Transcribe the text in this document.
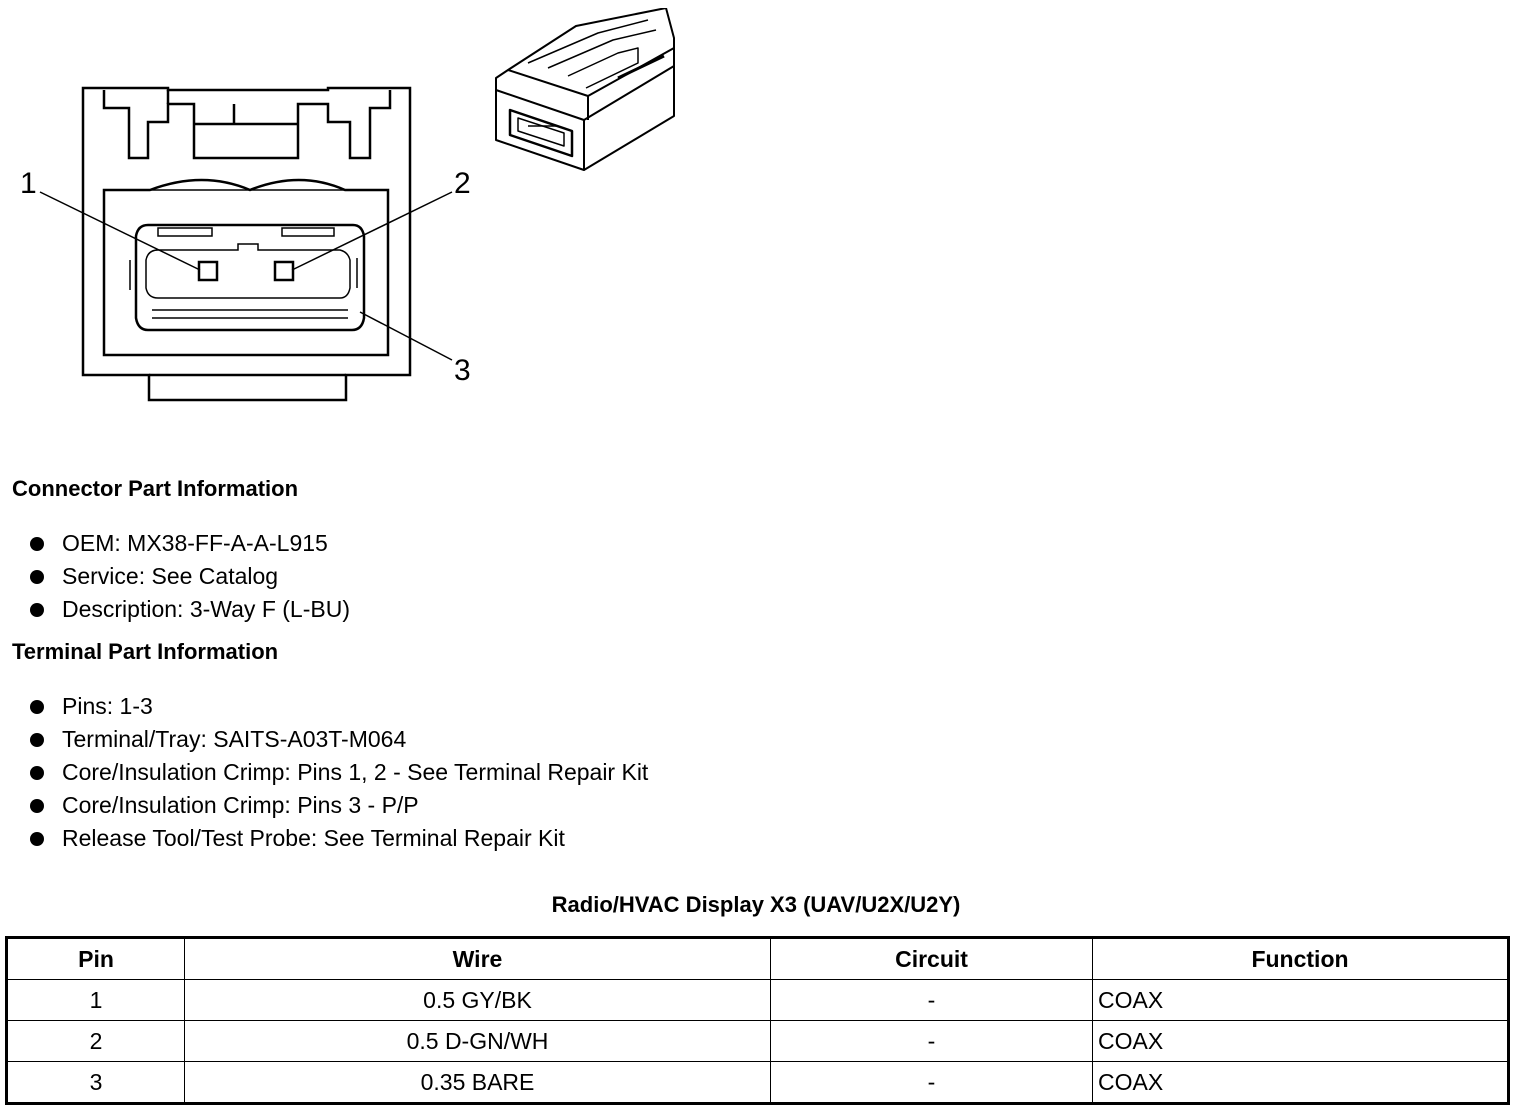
1	2
3
Connector Part Information
OEM: MX38-FF-A-A-L915
Service: See Catalog
Description: 3-Way F (L-BU)
Terminal Part Information
Pins: 1-3
Terminal/Tray: SAITS-A03T-M064
Core/Insulation Crimp: Pins 1, 2 - See Terminal Repair Kit
Core/Insulation Crimp: Pins 3 - P/P
Release Tool/Test Probe: See Terminal Repair Kit
Radio/HVAC Display X3 (UAV/U2X/U2Y)
Pin	Wire	Circuit	Function
1	0.5 GY/BK	-	COAX
2	0.5 D-GN/WH	-	COAX
3	0.35 BARE	-	COAX
